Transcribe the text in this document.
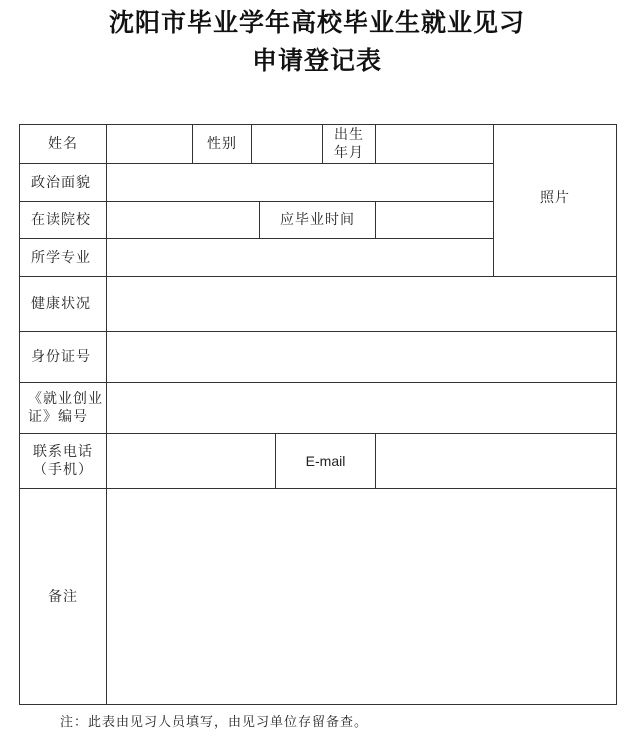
沈阳市毕业学年高校毕业生就业见习
申请登记表
姓名	性别
出生
年月
照片
政治面貌
在读院校	应毕业时间
所学专业
健康状况
身份证号
《就业创业
证》编号
联系电话
（手机）
E-mail
备注
注：此表由见习人员填写，由见习单位存留备查。
